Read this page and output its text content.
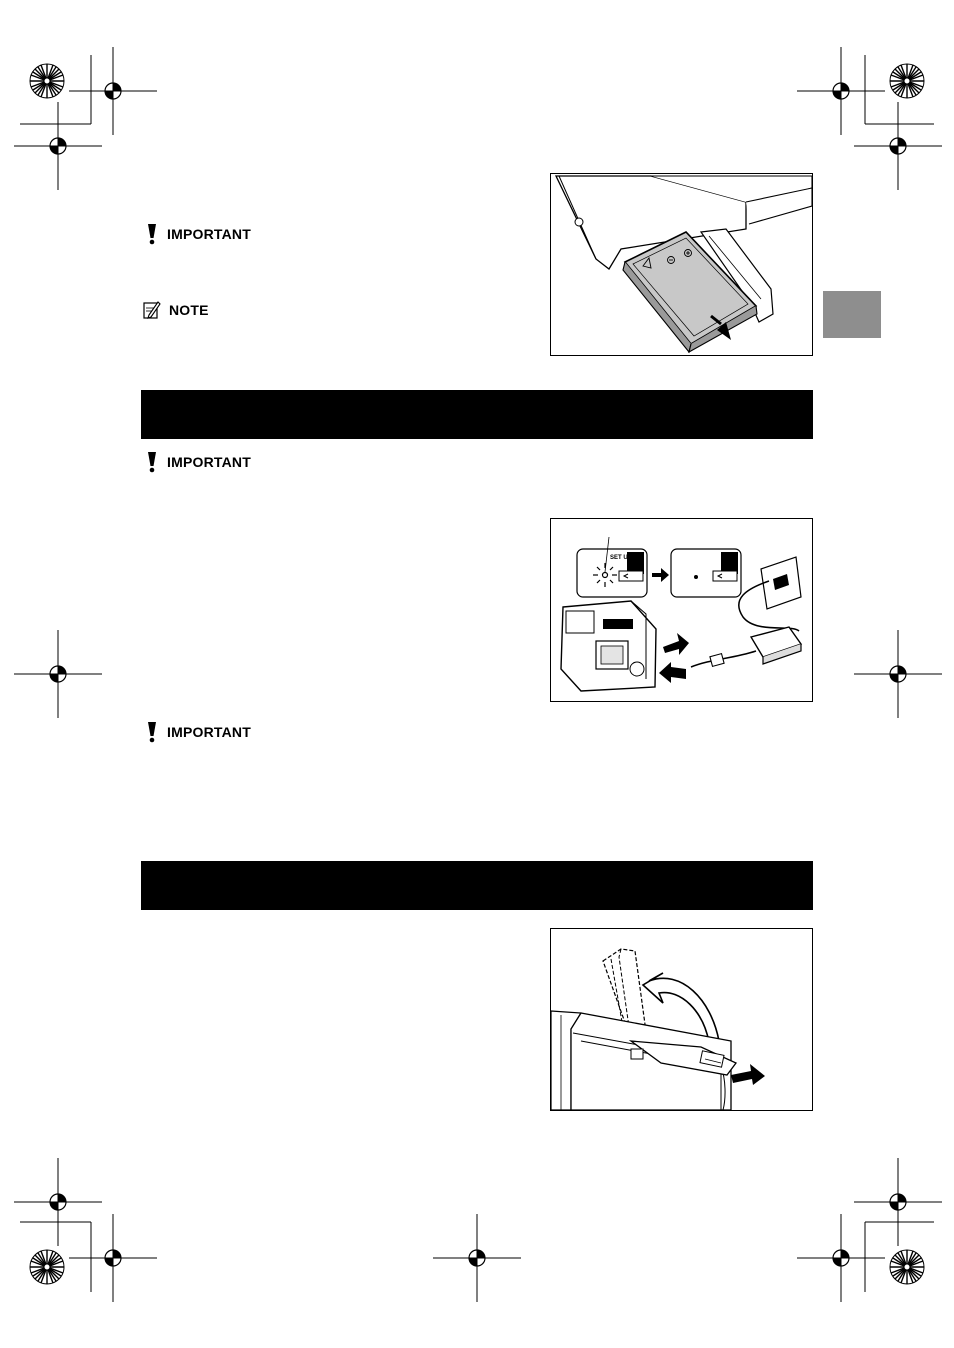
IMPORTANT
NOTE
IMPORTANT
SET UP
IMPORTANT
